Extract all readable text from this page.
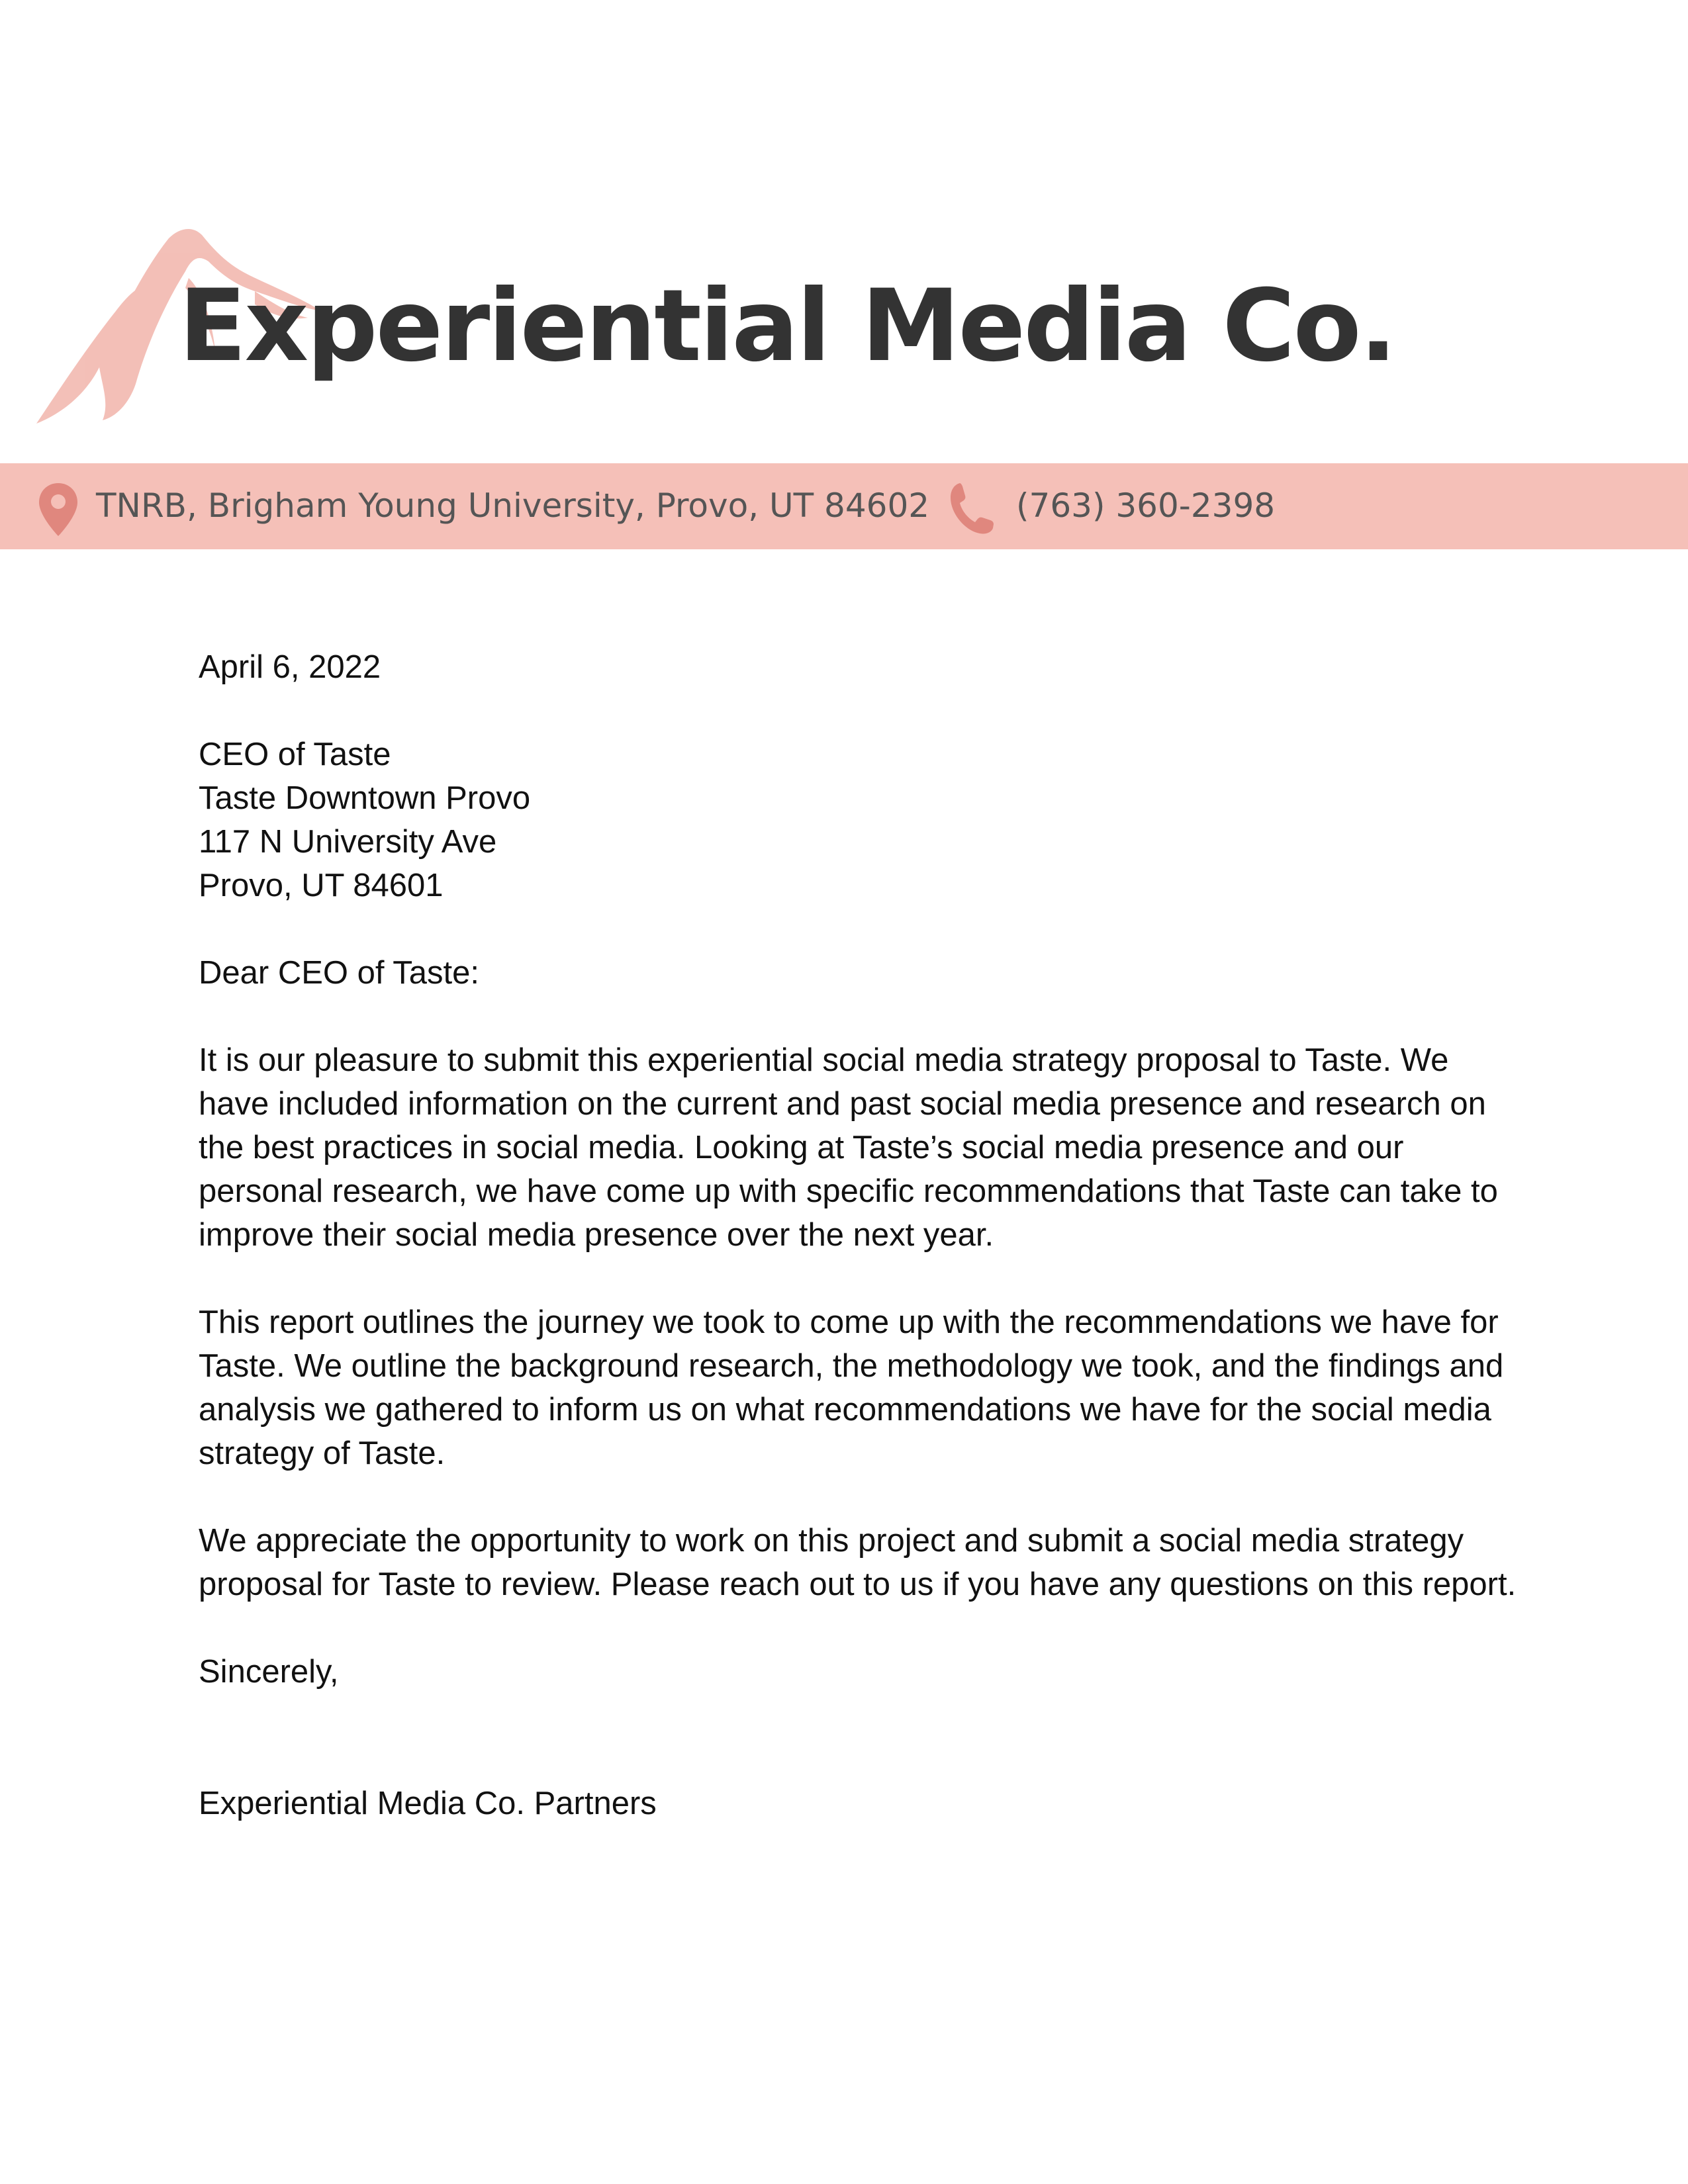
Experiential Media Co.
TNRB, Brigham Young University, Provo, UT 84602	(763) 360-2398

April 6, 2022

CEO of Taste
Taste Downtown Provo
117 N University Ave
Provo, UT 84601

Dear CEO of Taste:

It is our pleasure to submit this experiential social media strategy proposal to Taste. We have included information on the current and past social media presence and research on the best practices in social media. Looking at Taste’s social media presence and our personal research, we have come up with specific recommendations that Taste can take to improve their social media presence over the next year.

This report outlines the journey we took to come up with the recommendations we have for Taste. We outline the background research, the methodology we took, and the findings and analysis we gathered to inform us on what recommendations we have for the social media strategy of Taste.

We appreciate the opportunity to work on this project and submit a social media strategy proposal for Taste to review. Please reach out to us if you have any questions on this report.

Sincerely,

Experiential Media Co. Partners
